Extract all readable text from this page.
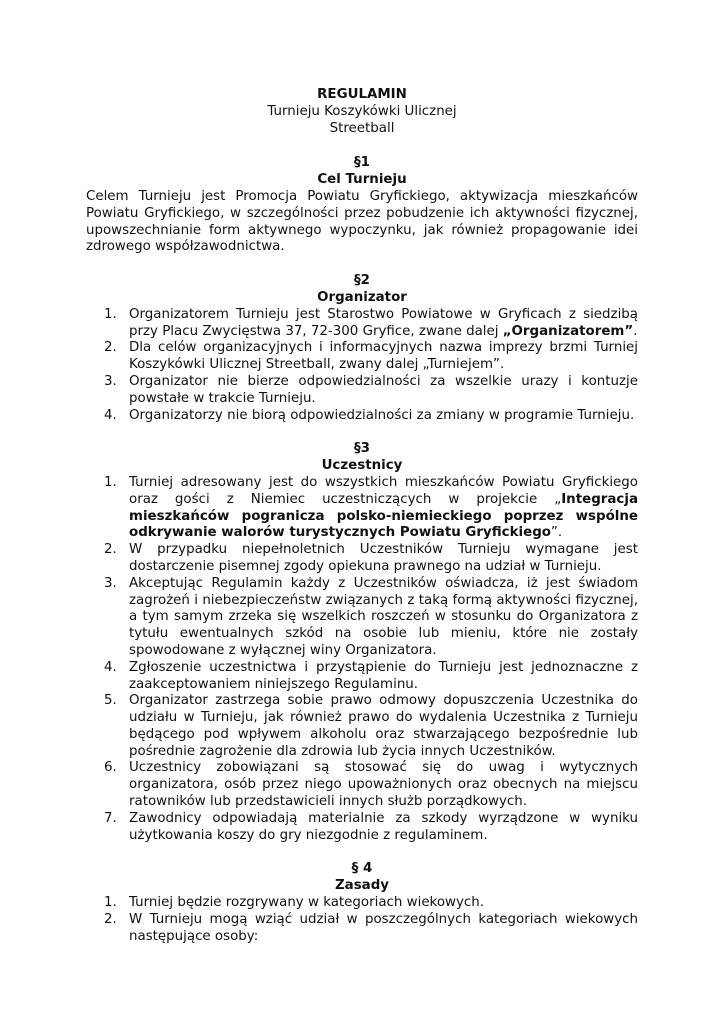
REGULAMIN
Turnieju Koszykówki Ulicznej
Streetball
§1
Cel Turnieju
Celem Turnieju jest Promocja Powiatu Gryfickiego, aktywizacja mieszkańców Powiatu Gryfickiego, w szczególności przez pobudzenie ich aktywności fizycznej, upowszechnianie form aktywnego wypoczynku, jak również propagowanie idei zdrowego współzawodnictwa.
§2
Organizator
1. Organizatorem Turnieju jest Starostwo Powiatowe w Gryficach z siedzibą przy Placu Zwycięstwa 37, 72-300 Gryfice, zwane dalej „Organizatorem”.
2. Dla celów organizacyjnych i informacyjnych nazwa imprezy brzmi Turniej Koszykówki Ulicznej Streetball, zwany dalej „Turniejem”.
3. Organizator nie bierze odpowiedzialności za wszelkie urazy i kontuzje powstałe w trakcie Turnieju.
4. Organizatorzy nie biorą odpowiedzialności za zmiany w programie Turnieju.
§3
Uczestnicy
1. Turniej adresowany jest do wszystkich mieszkańców Powiatu Gryfickiego oraz gości z Niemiec uczestniczących w projekcie „Integracja mieszkańców pogranicza polsko-niemieckiego poprzez wspólne odkrywanie walorów turystycznych Powiatu Gryfickiego”.
2. W przypadku niepełnoletnich Uczestników Turnieju wymagane jest dostarczenie pisemnej zgody opiekuna prawnego na udział w Turnieju.
3. Akceptując Regulamin każdy z Uczestników oświadcza, iż jest świadom zagrożeń i niebezpieczeństw związanych z taką formą aktywności fizycznej, a tym samym zrzeka się wszelkich roszczeń w stosunku do Organizatora z tytułu ewentualnych szkód na osobie lub mieniu, które nie zostały spowodowane z wyłącznej winy Organizatora.
4. Zgłoszenie uczestnictwa i przystąpienie do Turnieju jest jednoznaczne z zaakceptowaniem niniejszego Regulaminu.
5. Organizator zastrzega sobie prawo odmowy dopuszczenia Uczestnika do udziału w Turnieju, jak również prawo do wydalenia Uczestnika z Turnieju będącego pod wpływem alkoholu oraz stwarzającego bezpośrednie lub pośrednie zagrożenie dla zdrowia lub życia innych Uczestników.
6. Uczestnicy zobowiązani są stosować się do uwag i wytycznych organizatora, osób przez niego upoważnionych oraz obecnych na miejscu ratowników lub przedstawicieli innych służb porządkowych.
7. Zawodnicy odpowiadają materialnie za szkody wyrządzone w wyniku użytkowania koszy do gry niezgodnie z regulaminem.
§ 4
Zasady
1. Turniej będzie rozgrywany w kategoriach wiekowych.
2. W Turnieju mogą wziąć udział w poszczególnych kategoriach wiekowych następujące osoby:
